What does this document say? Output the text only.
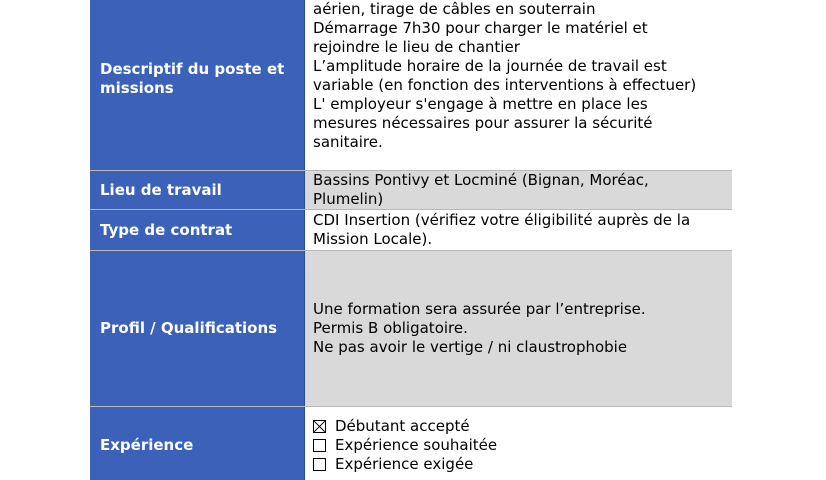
Descriptif du poste et
missions
aérien, tirage de câbles en souterrain
Démarrage 7h30 pour charger le matériel et
rejoindre le lieu de chantier
L’amplitude horaire de la journée de travail est
variable (en fonction des interventions à effectuer)
L' employeur s'engage à mettre en place les
mesures nécessaires pour assurer la sécurité
sanitaire.
Lieu de travail
Bassins Pontivy et Locminé (Bignan, Moréac,
Plumelin)
Type de contrat
CDI Insertion (vérifiez votre éligibilité auprès de la
Mission Locale).
Profil / Qualifications
Une formation sera assurée par l’entreprise.
Permis B obligatoire.
Ne pas avoir le vertige / ni claustrophobie
Expérience
Débutant accepté
Expérience souhaitée
Expérience exigée
